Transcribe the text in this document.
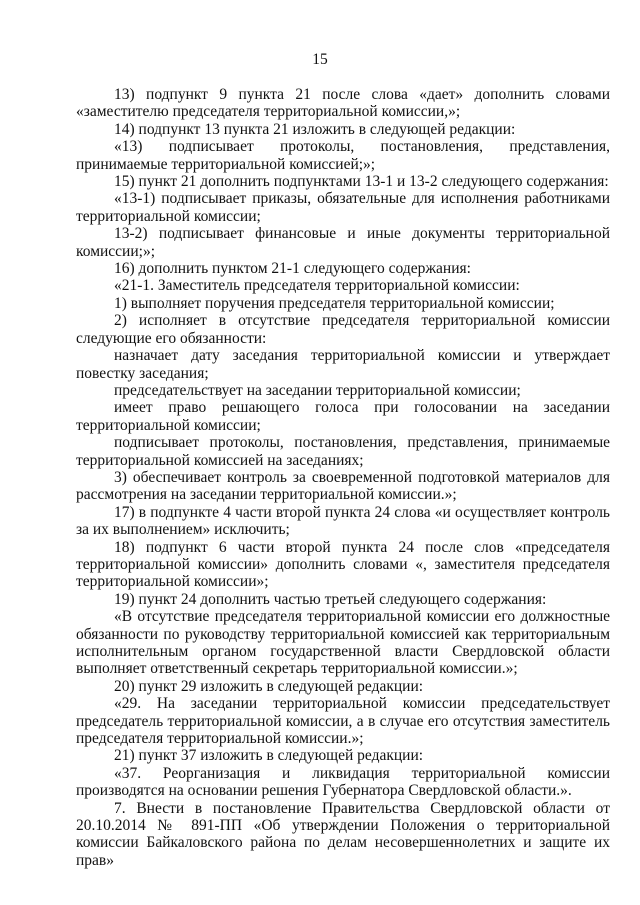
15

13) подпункт 9 пункта 21 после слова «дает» дополнить словами «заместителю председателя территориальной комиссии,»;

14) подпункт 13 пункта 21 изложить в следующей редакции:

«13) подписывает протоколы, постановления, представления, принимаемые территориальной комиссией;»;

15) пункт 21 дополнить подпунктами 13-1 и 13-2 следующего содержания:

«13-1) подписывает приказы, обязательные для исполнения работниками территориальной комиссии;

13-2) подписывает финансовые и иные документы территориальной комиссии;»;

16) дополнить пунктом 21-1 следующего содержания:

«21-1. Заместитель председателя территориальной комиссии:

1) выполняет поручения председателя территориальной комиссии;

2) исполняет в отсутствие председателя территориальной комиссии следующие его обязанности:

назначает дату заседания территориальной комиссии и утверждает повестку заседания;

председательствует на заседании территориальной комиссии;

имеет право решающего голоса при голосовании на заседании территориальной комиссии;

подписывает протоколы, постановления, представления, принимаемые территориальной комиссией на заседаниях;

3) обеспечивает контроль за своевременной подготовкой материалов для рассмотрения на заседании территориальной комиссии.»;

17) в подпункте 4 части второй пункта 24 слова «и осуществляет контроль за их выполнением» исключить;

18) подпункт 6 части второй пункта 24 после слов «председателя территориальной комиссии» дополнить словами «, заместителя председателя территориальной комиссии»;

19) пункт 24 дополнить частью третьей следующего содержания:

«В отсутствие председателя территориальной комиссии его должностные обязанности по руководству территориальной комиссией как территориальным исполнительным органом государственной власти Свердловской области выполняет ответственный секретарь территориальной комиссии.»;

20) пункт 29 изложить в следующей редакции:

«29. На заседании территориальной комиссии председательствует председатель территориальной комиссии, а в случае его отсутствия заместитель председателя территориальной комиссии.»;

21) пункт 37 изложить в следующей редакции:

«37. Реорганизация и ликвидация территориальной комиссии производятся на основании решения Губернатора Свердловской области.».

7. Внести в постановление Правительства Свердловской области от 20.10.2014 № 891-ПП «Об утверждении Положения о территориальной комиссии Байкаловского района по делам несовершеннолетних и защите их прав»
